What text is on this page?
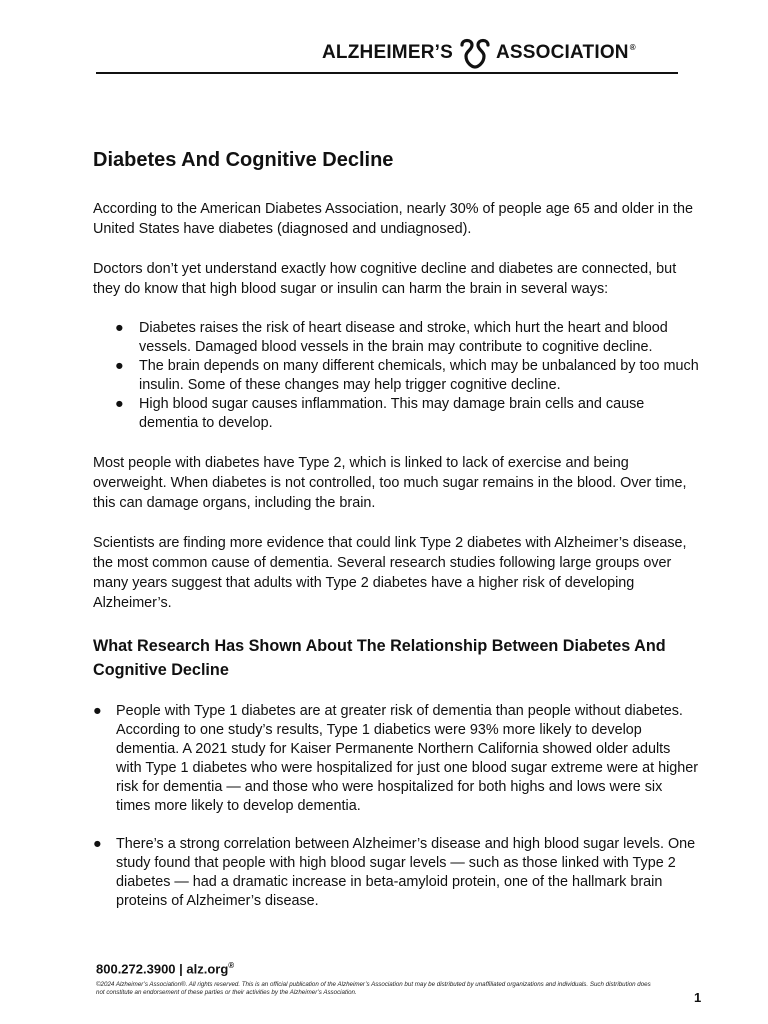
ALZHEIMER’S ASSOCIATION ®
Diabetes And Cognitive Decline

According to the American Diabetes Association, nearly 30% of people age 65 and older in the United States have diabetes (diagnosed and undiagnosed).

Doctors don’t yet understand exactly how cognitive decline and diabetes are connected, but they do know that high blood sugar or insulin can harm the brain in several ways:

● Diabetes raises the risk of heart disease and stroke, which hurt the heart and blood vessels. Damaged blood vessels in the brain may contribute to cognitive decline.
● The brain depends on many different chemicals, which may be unbalanced by too much insulin. Some of these changes may help trigger cognitive decline.
● High blood sugar causes inflammation. This may damage brain cells and cause dementia to develop.

Most people with diabetes have Type 2, which is linked to lack of exercise and being overweight. When diabetes is not controlled, too much sugar remains in the blood. Over time, this can damage organs, including the brain.

Scientists are finding more evidence that could link Type 2 diabetes with Alzheimer’s disease, the most common cause of dementia. Several research studies following large groups over many years suggest that adults with Type 2 diabetes have a higher risk of developing Alzheimer’s.

What Research Has Shown About The Relationship Between Diabetes And Cognitive Decline
● People with Type 1 diabetes are at greater risk of dementia than people without diabetes. According to one study’s results, Type 1 diabetics were 93% more likely to develop dementia. A 2021 study for Kaiser Permanente Northern California showed older adults with Type 1 diabetes who were hospitalized for just one blood sugar extreme were at higher risk for dementia — and those who were hospitalized for both highs and lows were six times more likely to develop dementia.
● There’s a strong correlation between Alzheimer’s disease and high blood sugar levels. One study found that people with high blood sugar levels — such as those linked with Type 2 diabetes — had a dramatic increase in beta-amyloid protein, one of the hallmark brain proteins of Alzheimer’s disease.
800.272.3900 | alz.org®
©2024 Alzheimer’s Association®. All rights reserved. This is an official publication of the Alzheimer’s Association but may be distributed by unaffiliated organizations and individuals. Such distribution does not constitute an endorsement of these parties or their activities by the Alzheimer’s Association.	1
